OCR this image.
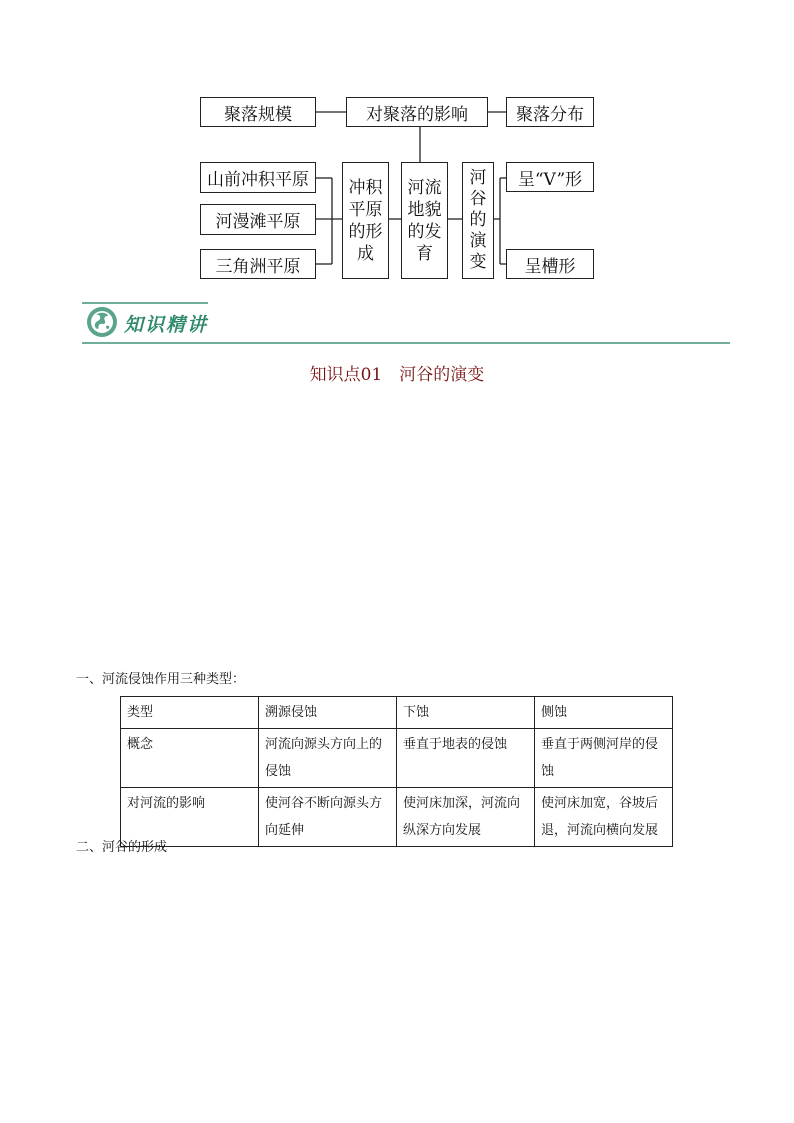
聚落规模	对聚落的影响	聚落分布
山前冲积平原
河漫滩平原
三角洲平原
冲积平原的形成
河流地貌的发育
河谷的演变
呈“V”形
呈槽形
知识精讲
知识点01　河谷的演变
一、河流侵蚀作用三种类型：
类型	溯源侵蚀	下蚀	侧蚀
概念	河流向源头方向上的侵蚀	垂直于地表的侵蚀	垂直于两侧河岸的侵蚀
对河流的影响	使河谷不断向源头方向延伸	使河床加深，河流向纵深方向发展	使河床加宽，谷坡后退，河流向横向发展
二、河谷的形成
